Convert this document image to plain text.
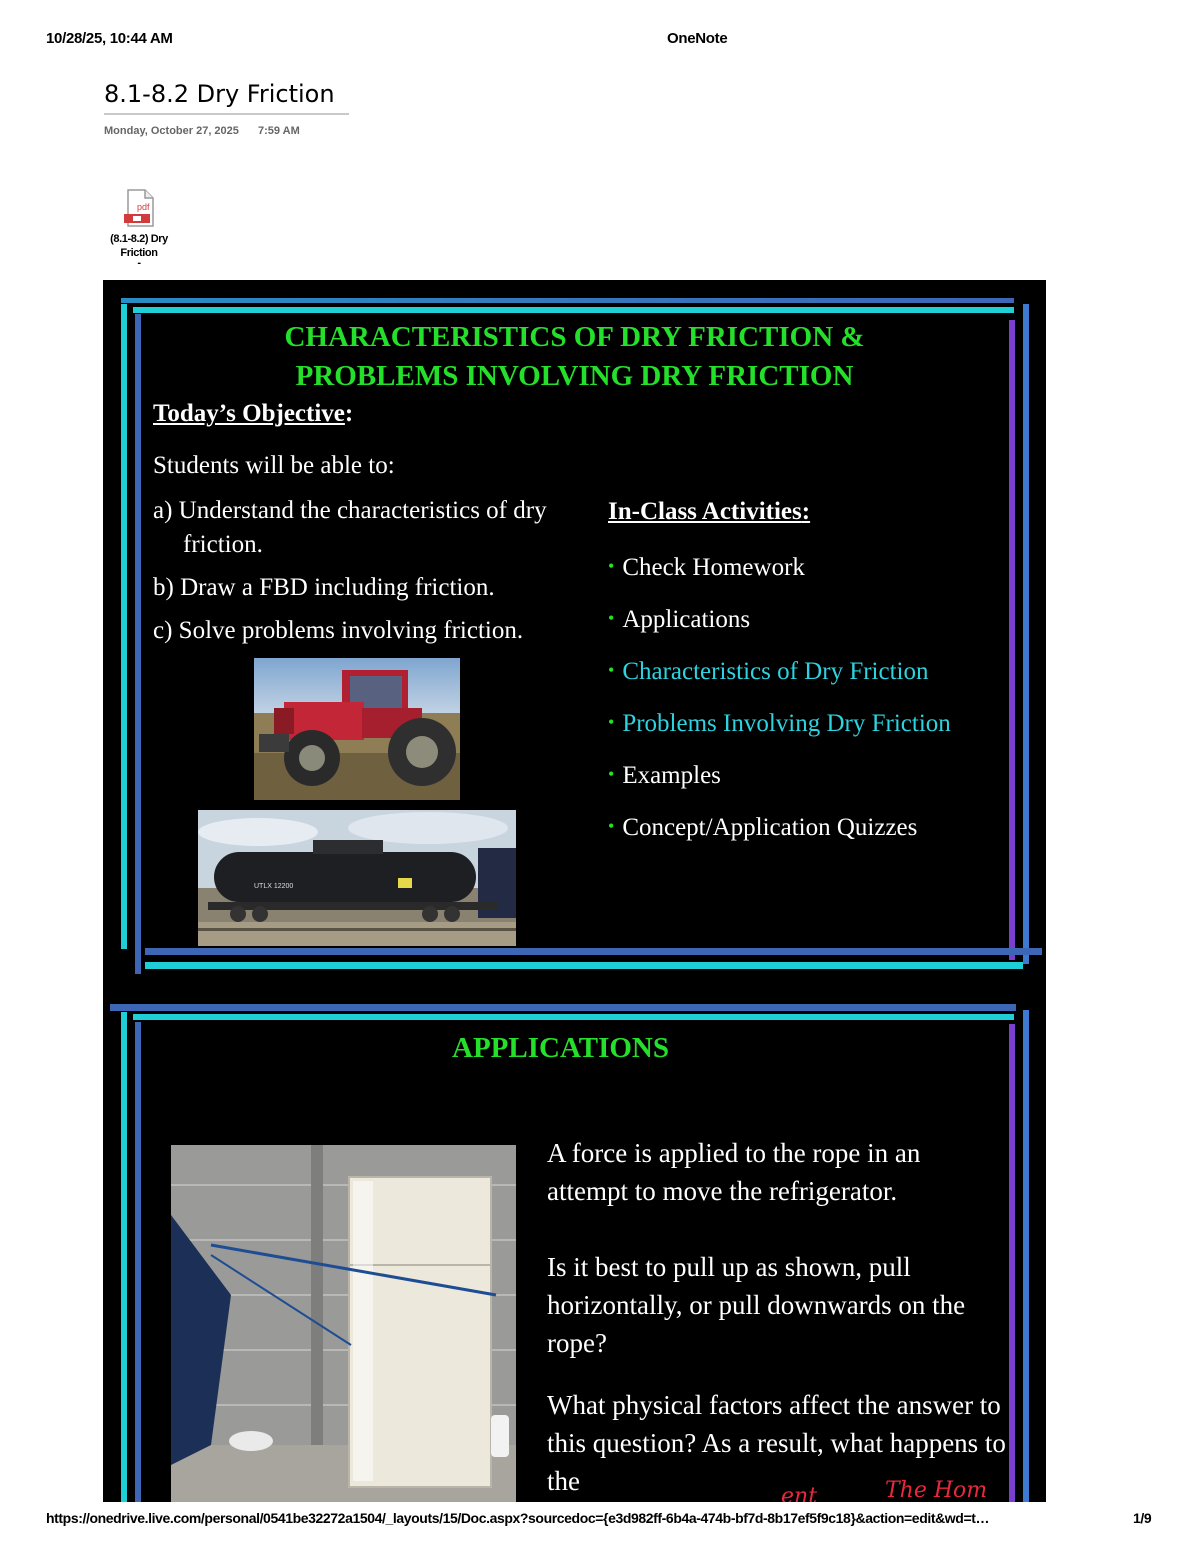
10/28/25, 10:44 AM	OneNote
8.1-8.2 Dry Friction
Monday, October 27, 2025 7:59 AM
pdf
(8.1-8.2) Dry
Friction
-
CHARACTERISTICS OF DRY FRICTION &
PROBLEMS INVOLVING DRY FRICTION
Today’s Objective:
Students will be able to:
a) Understand the characteristics of dry friction.
b) Draw a FBD including friction.
c) Solve problems involving friction.
In-Class Activities:
• Check Homework
• Applications
• Characteristics of Dry Friction
• Problems Involving Dry Friction
• Examples
• Concept/Application Quizzes
UTLX 12200
APPLICATIONS
A force is applied to the rope in an attempt to move the refrigerator.
Is it best to pull up as shown, pull horizontally, or pull downwards on the rope?
What physical factors affect the answer to this question? As a result, what happens to the
ent	The Hom
https://onedrive.live.com/personal/0541be32272a1504/_layouts/15/Doc.aspx?sourcedoc={e3d982ff-6b4a-474b-bf7d-8b17ef5f9c18}&action=edit&wd=t…	1/9
